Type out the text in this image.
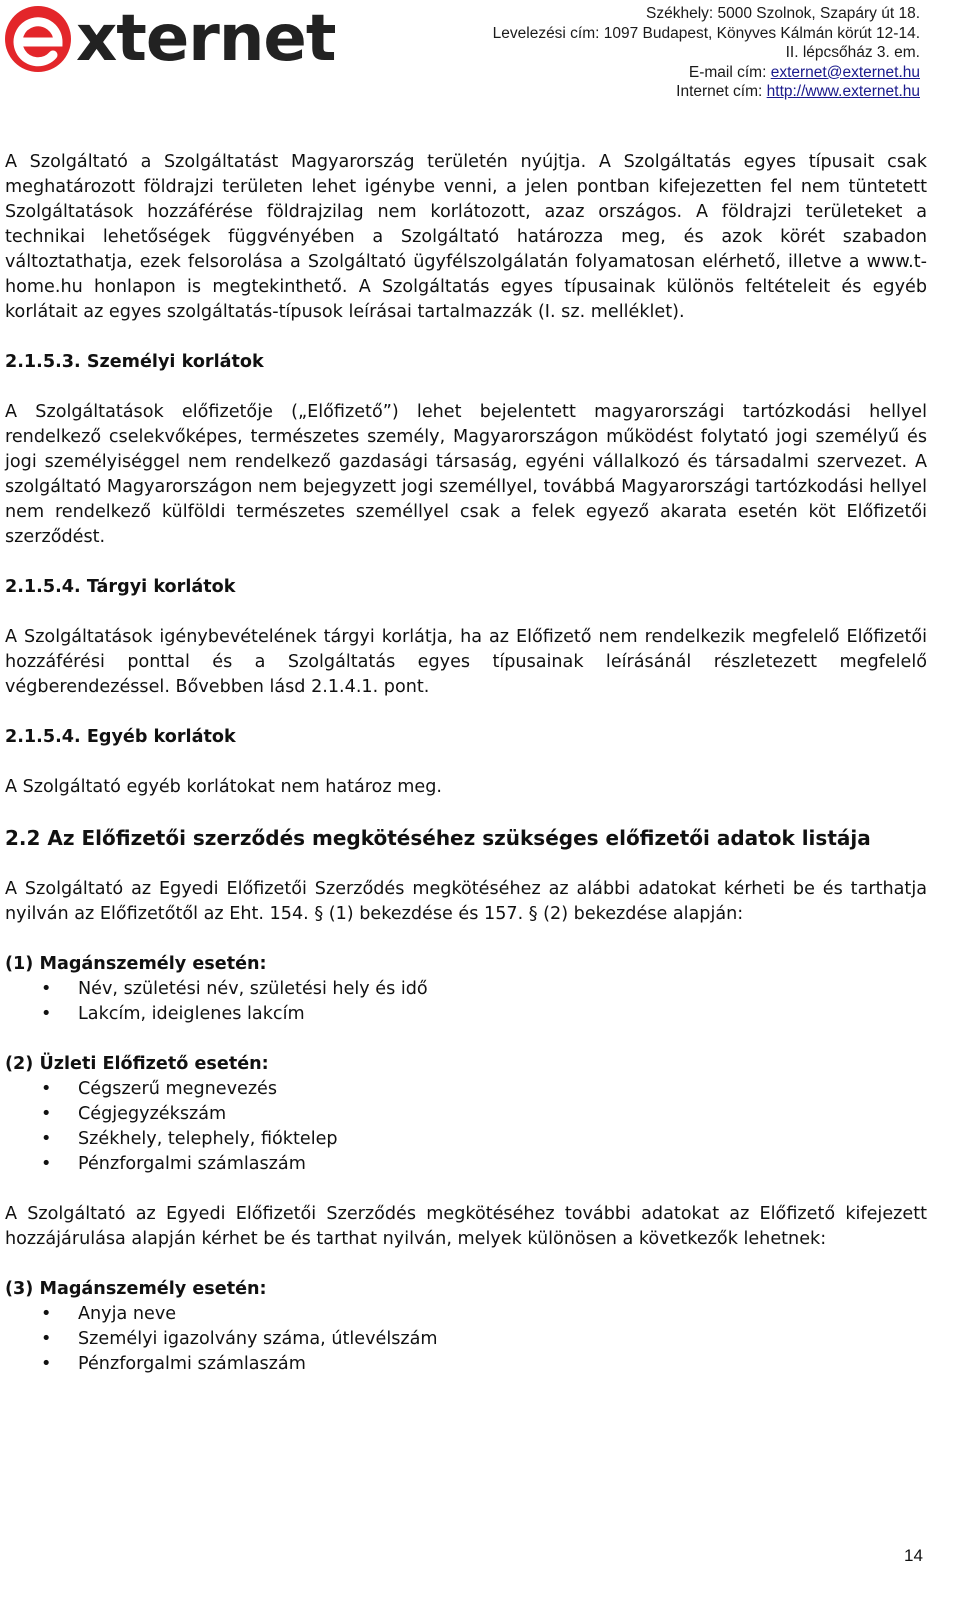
xternet	Székhely: 5000 Szolnok, Szapáry út 18.
Levelezési cím: 1097 Budapest, Könyves Kálmán körút 12-14.
II. lépcsőház 3. em.
E-mail cím: externet@externet.hu
Internet cím: http://www.externet.hu

A Szolgáltató a Szolgáltatást Magyarország területén nyújtja. A Szolgáltatás egyes típusait csak meghatározott földrajzi területen lehet igénybe venni, a jelen pontban kifejezetten fel nem tüntetett Szolgáltatások hozzáférése földrajzilag nem korlátozott, azaz országos. A földrajzi területeket a technikai lehetőségek függvényében a Szolgáltató határozza meg, és azok körét szabadon változtathatja, ezek felsorolása a Szolgáltató ügyfélszolgálatán folyamatosan elérhető, illetve a www.t-home.hu honlapon is megtekinthető. A Szolgáltatás egyes típusainak különös feltételeit és egyéb korlátait az egyes szolgáltatás-típusok leírásai tartalmazzák (I. sz. melléklet).

2.1.5.3. Személyi korlátok

A Szolgáltatások előfizetője („Előfizető”) lehet bejelentett magyarországi tartózkodási hellyel rendelkező cselekvőképes, természetes személy, Magyarországon működést folytató jogi személyű és jogi személyiséggel nem rendelkező gazdasági társaság, egyéni vállalkozó és társadalmi szervezet. A szolgáltató Magyarországon nem bejegyzett jogi személlyel, továbbá Magyarországi tartózkodási hellyel nem rendelkező külföldi természetes személlyel csak a felek egyező akarata esetén köt Előfizetői szerződést.

2.1.5.4. Tárgyi korlátok

A Szolgáltatások igénybevételének tárgyi korlátja, ha az Előfizető nem rendelkezik megfelelő Előfizetői hozzáférési ponttal és a Szolgáltatás egyes típusainak leírásánál részletezett megfelelő végberendezéssel. Bővebben lásd 2.1.4.1. pont.

2.1.5.4. Egyéb korlátok

A Szolgáltató egyéb korlátokat nem határoz meg.

2.2 Az Előfizetői szerződés megkötéséhez szükséges előfizetői adatok listája

A Szolgáltató az Egyedi Előfizetői Szerződés megkötéséhez az alábbi adatokat kérheti be és tarthatja nyilván az Előfizetőtől az Eht. 154. § (1) bekezdése és 157. § (2) bekezdése alapján:

(1) Magánszemély esetén:

• Név, születési név, születési hely és idő
• Lakcím, ideiglenes lakcím

(2) Üzleti Előfizető esetén:

• Cégszerű megnevezés
• Cégjegyzékszám
• Székhely, telephely, fióktelep
• Pénzforgalmi számlaszám

A Szolgáltató az Egyedi Előfizetői Szerződés megkötéséhez további adatokat az Előfizető kifejezett hozzájárulása alapján kérhet be és tarthat nyilván, melyek különösen a következők lehetnek:

(3) Magánszemély esetén:

• Anyja neve
• Személyi igazolvány száma, útlevélszám
• Pénzforgalmi számlaszám
14
